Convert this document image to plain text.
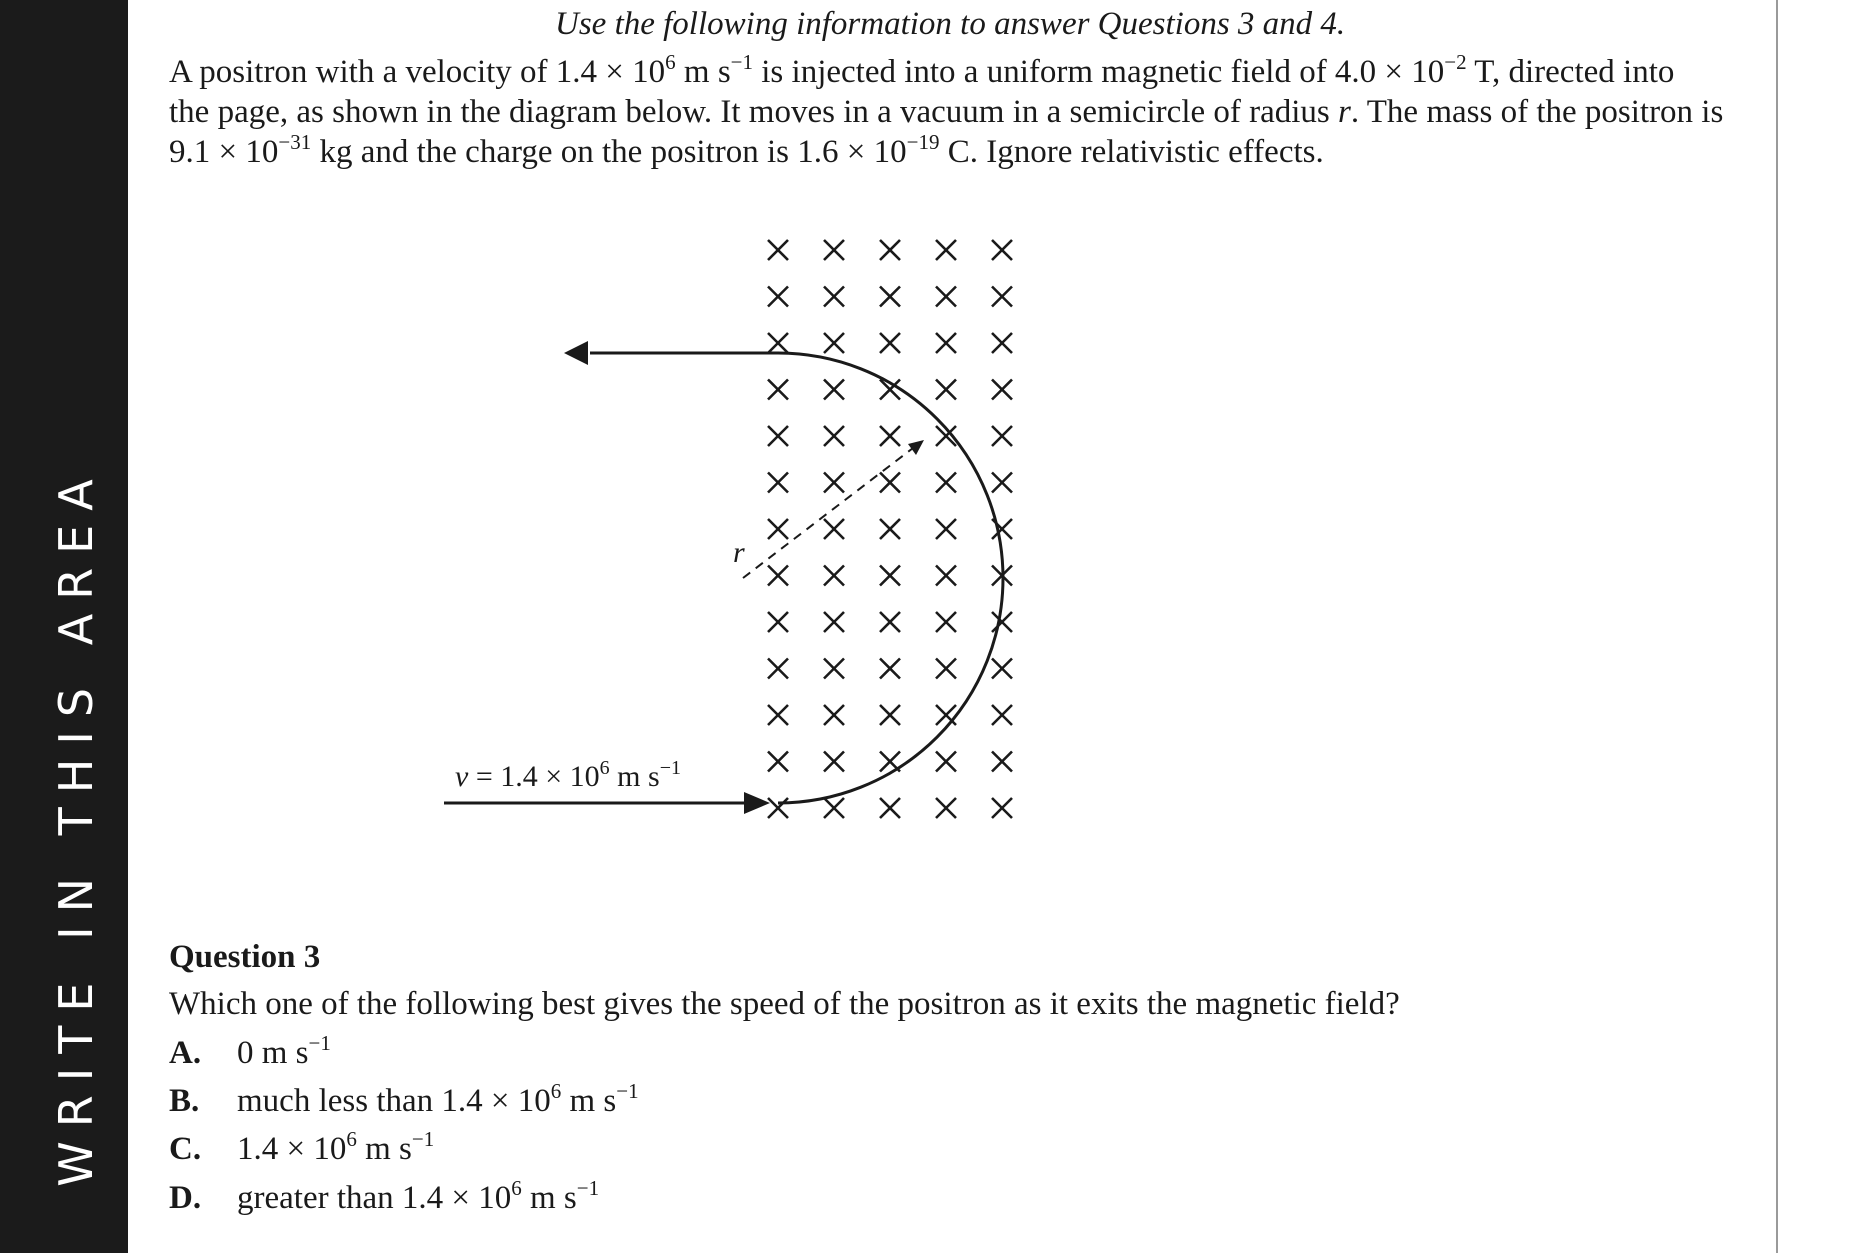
WRITE IN THIS AREA
Use the following information to answer Questions 3 and 4.
A positron with a velocity of $1.4 \times 10^6$ m $s^{-1}$ is injected into a uniform magnetic field of $4.0 \times 10^{-2}$ T, directed into
the page, as shown in the diagram below. It moves in a vacuum in a semicircle of radius r. The mass of the positron is
$9.1 \times 10^{-31}$ kg and the charge on the positron is $1.6 \times 10^{-19}$ C. Ignore relativistic effects.
r
$v = 1.4 \times 10^6$ m $s^{-1}$
Question 3
Which one of the following best gives the speed of the positron as it exits the magnetic field?
A. 0 m $s^{-1}$
B. much less than $1.4 \times 10^6$ m $s^{-1}$
C. $1.4 \times 10^6$ m $s^{-1}$
D. greater than $1.4 \times 10^6$ m $s^{-1}$
